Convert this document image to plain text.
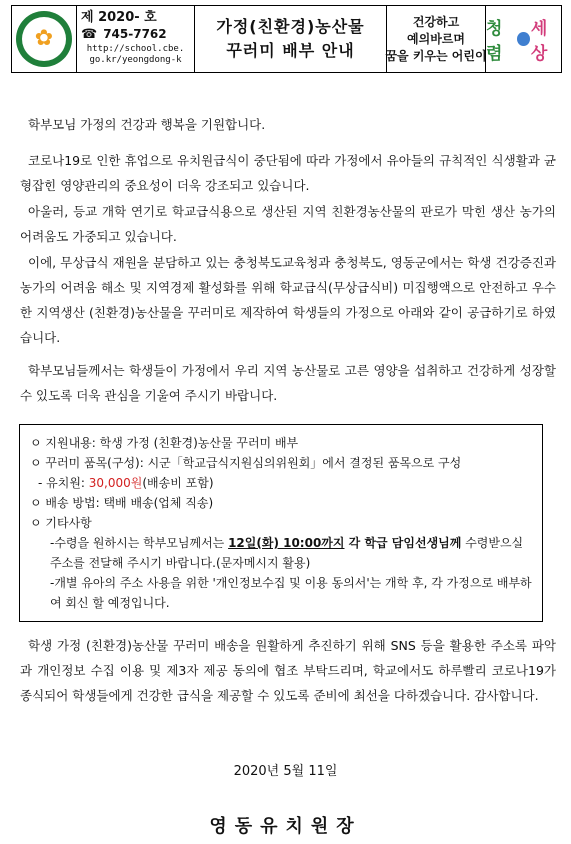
✿
제 2020- 호
☎ 745-7762
http://school.cbe.
go.kr/yeongdong-k
가정(친환경)농산물
꾸러미 배부 안내
건강하고
예의바르며
꿈을 키우는 어린이
청렴
세상
학부모님 가정의 건강과 행복을 기원합니다.
코로나19로 인한 휴업으로 유치원급식이 중단됨에 따라 가정에서 유아들의 규칙적인 식생활과 균형잡힌 영양관리의 중요성이 더욱 강조되고 있습니다.
아울러, 등교 개학 연기로 학교급식용으로 생산된 지역 친환경농산물의 판로가 막힌 생산 농가의 어려움도 가중되고 있습니다.
이에, 무상급식 재원을 분담하고 있는 충청북도교육청과 충청북도, 영동군에서는 학생 건강증진과 농가의 어려움 해소 및 지역경제 활성화를 위해 학교급식(무상급식비) 미집행액으로 안전하고 우수한 지역생산 (친환경)농산물을 꾸러미로 제작하여 학생들의 가정으로 아래와 같이 공급하기로 하였습니다.
학부모님들께서는 학생들이 가정에서 우리 지역 농산물로 고른 영양을 섭취하고 건강하게 성장할 수 있도록 더욱 관심을 기울여 주시기 바랍니다.
ㅇ 지원내용: 학생 가정 (친환경)농산물 꾸러미 배부
ㅇ 꾸러미 품목(구성): 시군「학교급식지원심의위원회」에서 결정된 품목으로 구성
- 유치원: 30,000원(배송비 포함)
ㅇ 배송 방법: 택배 배송(업체 직송)
ㅇ 기타사항
-수령을 원하시는 학부모님께서는 12일(화) 10:00까지 각 학급 담임선생님께 수령받으실 주소를 전달해 주시기 바랍니다.(문자메시지 활용)
-개별 유아의 주소 사용을 위한 '개인정보수집 및 이용 동의서'는 개학 후, 각 가정으로 배부하여 회신 할 예정입니다.
학생 가정 (친환경)농산물 꾸러미 배송을 원활하게 추진하기 위해 SNS 등을 활용한 주소록 파악과 개인정보 수집 이용 및 제3자 제공 동의에 협조 부탁드리며, 학교에서도 하루빨리 코로나19가 종식되어 학생들에게 건강한 급식을 제공할 수 있도록 준비에 최선을 다하겠습니다. 감사합니다.
2020년 5월 11일
영동유치원장
